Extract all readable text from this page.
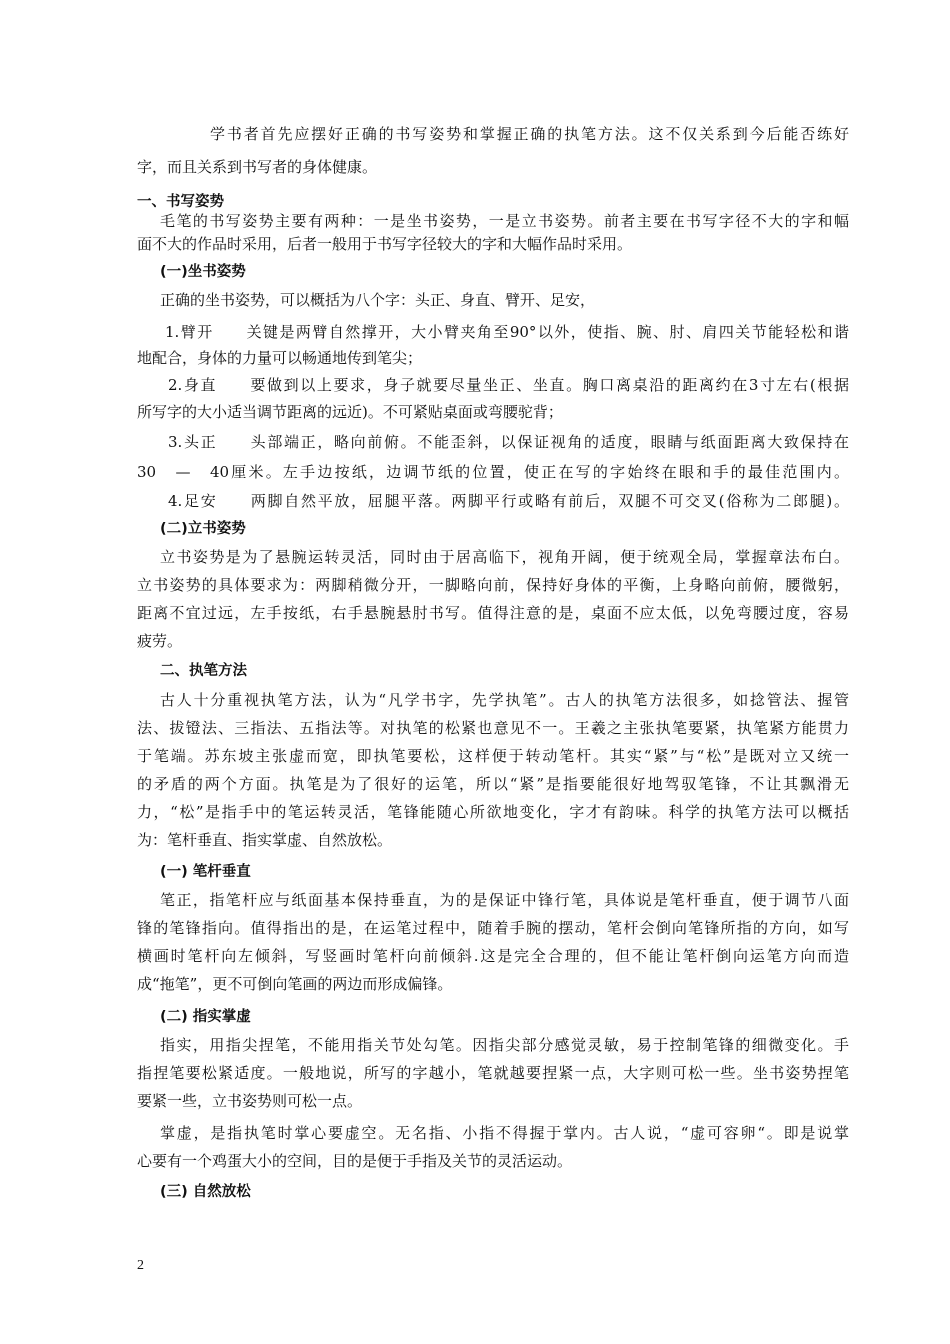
学书者首先应摆好正确的书写姿势和掌握正确的执笔方法。这不仅关系到今后能否练好
字，而且关系到书写者的身体健康。
一、书写姿势
毛笔的书写姿势主要有两种：一是坐书姿势，一是立书姿势。前者主要在书写字径不大的字和幅
面不大的作品时采用，后者一般用于书写字径较大的字和大幅作品时采用。
(一)坐书姿势
正确的坐书姿势，可以概括为八个字：头正、身直、臂开、足安，
1.臂开　　关键是两臂自然撑开，大小臂夹角至90°以外，使指、腕、肘、肩四关节能轻松和谐
地配合，身体的力量可以畅通地传到笔尖；
2.身直　　要做到以上要求，身子就要尽量坐正、坐直。胸口离桌沿的距离约在3寸左右(根据
所写字的大小适当调节距离的远近)。不可紧贴桌面或弯腰驼背；
3.头正　　头部端正，略向前俯。不能歪斜，以保证视角的适度，眼睛与纸面距离大致保持在
30　—　40厘米。左手边按纸，边调节纸的位置，使正在写的字始终在眼和手的最佳范围内。
4.足安　　两脚自然平放，屈腿平落。两脚平行或略有前后，双腿不可交叉(俗称为二郎腿)。
(二)立书姿势
立书姿势是为了悬腕运转灵活，同时由于居高临下，视角开阔，便于统观全局，掌握章法布白。
立书姿势的具体要求为：两脚稍微分开，一脚略向前，保持好身体的平衡，上身略向前俯，腰微躬，
距离不宜过远，左手按纸，右手悬腕悬肘书写。值得注意的是，桌面不应太低，以免弯腰过度，容易
疲劳。
二、执笔方法
古人十分重视执笔方法，认为“凡学书字，先学执笔”。古人的执笔方法很多，如捻管法、握管
法、拔镫法、三指法、五指法等。对执笔的松紧也意见不一。王羲之主张执笔要紧，执笔紧方能贯力
于笔端。苏东坡主张虚而宽，即执笔要松，这样便于转动笔杆。其实“紧”与“松”是既对立又统一
的矛盾的两个方面。执笔是为了很好的运笔，所以“紧”是指要能很好地驾驭笔锋，不让其飘滑无
力，“松”是指手中的笔运转灵活，笔锋能随心所欲地变化，字才有韵味。科学的执笔方法可以概括
为：笔杆垂直、指实掌虚、自然放松。
(一) 笔杆垂直
笔正，指笔杆应与纸面基本保持垂直，为的是保证中锋行笔，具体说是笔杆垂直，便于调节八面
锋的笔锋指向。值得指出的是，在运笔过程中，随着手腕的摆动，笔杆会倒向笔锋所指的方向，如写
横画时笔杆向左倾斜，写竖画时笔杆向前倾斜.这是完全合理的，但不能让笔杆倒向运笔方向而造
成“拖笔”，更不可倒向笔画的两边而形成偏锋。
(二) 指实掌虚
指实，用指尖捏笔，不能用指关节处勾笔。因指尖部分感觉灵敏，易于控制笔锋的细微变化。手
指捏笔要松紧适度。一般地说，所写的字越小，笔就越要捏紧一点，大字则可松一些。坐书姿势捏笔
要紧一些，立书姿势则可松一点。
掌虚，是指执笔时掌心要虚空。无名指、小指不得握于掌内。古人说，“虚可容卵“。即是说掌
心要有一个鸡蛋大小的空间，目的是便于手指及关节的灵活运动。
(三) 自然放松
2
